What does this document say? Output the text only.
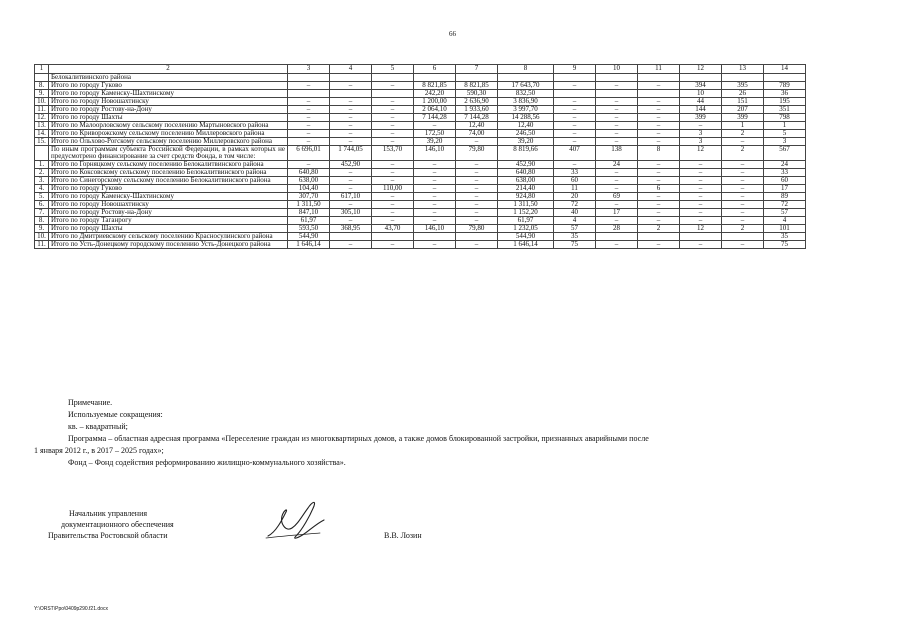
66
1	2	3	4	5	6	7	8	9	10	11	12	13	14
	Белокалитвинского района												
8.	Итого по городу Гуково	–	–	–	8 821,85	8 821,85	17 643,70	–	–	–	394	395	789
9.	Итого по городу Каменску-Шахтинскому				242,20	590,30	832,50				10	26	36
10.	Итого по городу Новошахтинску	–	–	–	1 200,00	2 636,90	3 836,90	–	–	–	44	151	195
11.	Итого по городу Ростову-на-Дону	–	–	–	2 064,10	1 933,60	3 997,70	–	–	–	144	207	351
12.	Итого по городу Шахты	–	–	–	7 144,28	7 144,28	14 288,56	–	–	–	399	399	798
13.	Итого по Малоорловскому сельскому поселению Мартыновского района	–	–	–	–	12,40	12,40	–	–	–	–	1	1
14.	Итого по Криворожскому сельскому поселению Миллеровского района	–	–	–	172,50	74,00	246,50	–	–	–	3	2	5
15.	Итого по Ольхово-Рогскому сельскому поселению Миллеровского района	–	–	–	39,20	–	39,20	–	–	–	3	–	3
	По иным программам субъекта Российской Федерации, в рамках которых не предусмотрено финансирование за счет средств Фонда, в том числе:	6 696,01	1 744,05	153,70	146,10	79,80	8 819,66	407	138	8	12	2	567
1.	Итого по Горняцкому сельскому поселению Белокалитвинского района	–	452,90	–	–	–	452,90	–	24	–	–	–	24
2.	Итого по Коксовскому сельскому поселению Белокалитвинского района	640,80	–	–	–	–	640,80	33	–	–	–	–	33
3.	Итого по Синегорскому сельскому поселению Белокалитвинского района	638,00	–	–	–	–	638,00	60	–	–	–	–	60
4.	Итого по городу Гуково	104,40	–	110,00	–	–	214,40	11	–	6	–	–	17
5.	Итого по городу Каменску-Шахтинскому	307,70	617,10	–	–	–	924,80	20	69	–	–	–	89
6.	Итого по городу Новошахтинску	1 311,50	–	–	–	–	1 311,50	72	–	–	–	–	72
7.	Итого по городу Ростову-на-Дону	847,10	305,10	–	–	–	1 152,20	40	17	–	–	–	57
8.	Итого по городу Таганрогу	61,97	–	–	–	–	61,97	4	–	–	–	–	4
9.	Итого по городу Шахты	593,50	368,95	43,70	146,10	79,80	1 232,05	57	28	2	12	2	101
10.	Итого по Дмитриевскому сельскому поселению Красносулинского района	544,90					544,90	35					35
11.	Итого по Усть-Донецкому городскому поселению Усть-Донецкого района	1 646,14	–	–	–	–	1 646,14	75	–	–	–	–	75
Примечание.
Используемые сокращения:
кв. – квадратный;
Программа – областная адресная программа «Переселение граждан из многоквартирных домов, а также домов блокированной застройки, признанных аварийными после
1 января 2012 г., в 2017 – 2025 годах»;
Фонд – Фонд содействия реформированию жилищно-коммунального хозяйства».
Начальник управления
документационного обеспечения
Правительства Ростовской области	В.В. Лозин
Y:\ORST\Ppo\0409p290.f21.docx
